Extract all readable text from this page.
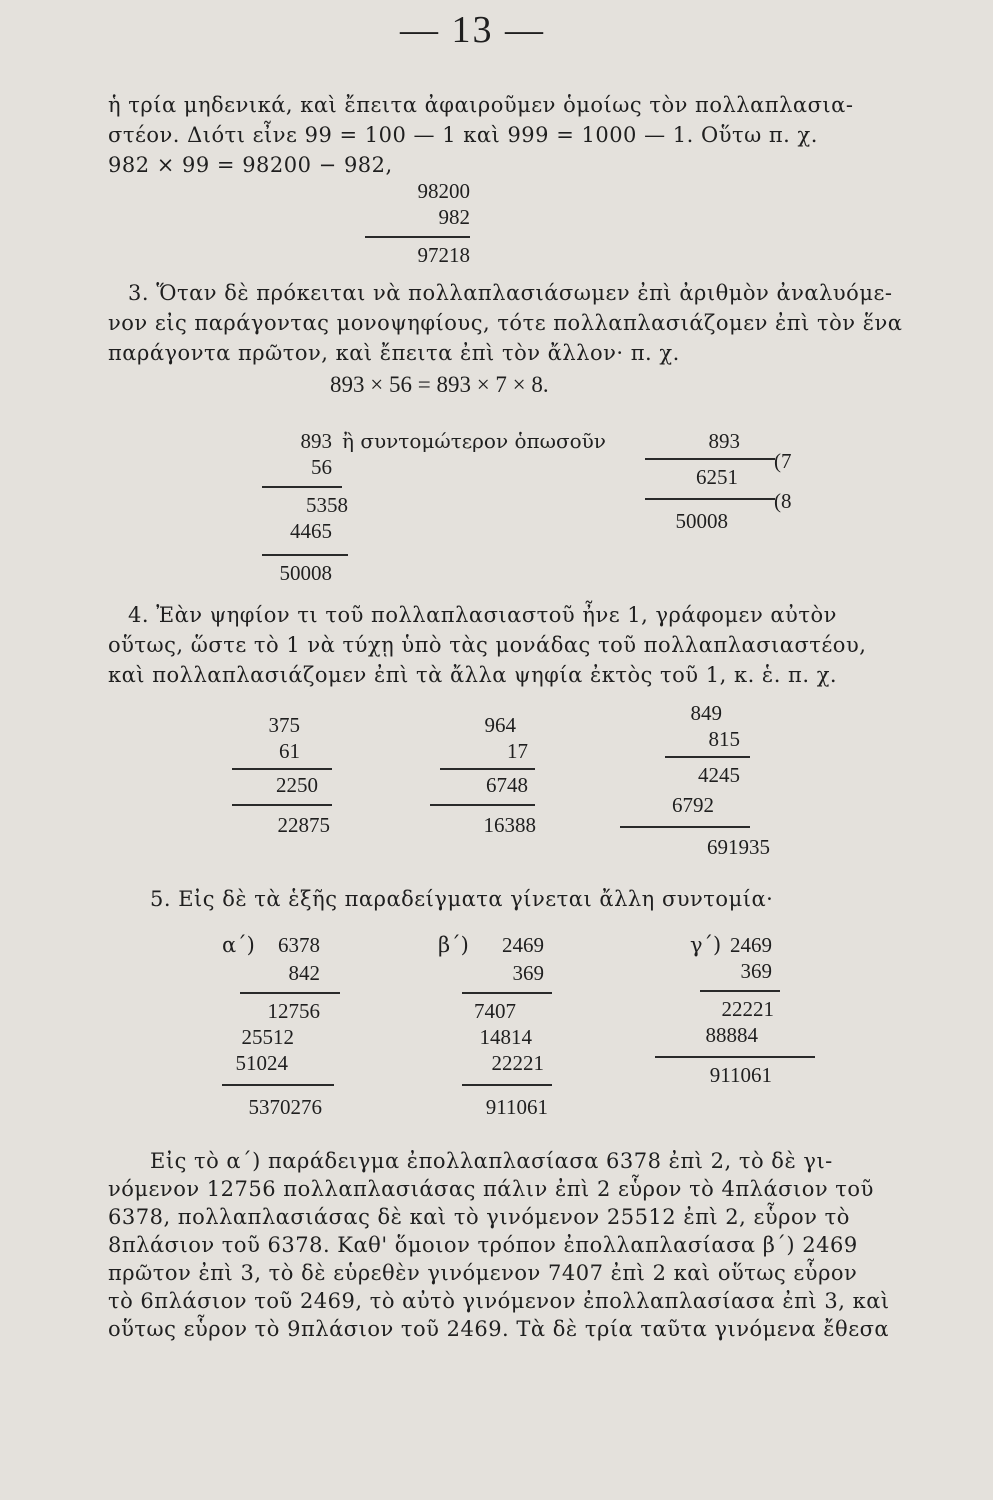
— 13 —
ἡ τρία μηδενικά, καὶ ἔπειτα ἀφαιροῦμεν ὁμοίως τὸν πολλαπλασια-
στέον. Διότι εἶνε 99 = 100 — 1 καὶ 999 = 1000 — 1. Οὕτω π. χ.
982 × 99 = 98200 − 982,
98200
982
97218
3. Ὅταν δὲ πρόκειται νὰ πολλαπλασιάσωμεν ἐπὶ ἀριθμὸν ἀναλυόμε-
νον εἰς παράγοντας μονοψηφίους, τότε πολλαπλασιάζομεν ἐπὶ τὸν ἕνα
παράγοντα πρῶτον, καὶ ἔπειτα ἐπὶ τὸν ἄλλον· π. χ.
893 × 56 = 893 × 7 × 8.
893
56
5358
4465
50008
ἢ συντομώτερον ὁπωσοῦν	893
(7
6251
(8
50008
4. Ἐὰν ψηφίον τι τοῦ πολλαπλασιαστοῦ ἦνε 1, γράφομεν αὐτὸν
οὕτως, ὥστε τὸ 1 νὰ τύχῃ ὑπὸ τὰς μονάδας τοῦ πολλαπλασιαστέου,
καὶ πολλαπλασιάζομεν ἐπὶ τὰ ἄλλα ψηφία ἐκτὸς τοῦ 1, κ. ἑ. π. χ.
375
61
2250
22875
964
17
6748
16388
849
815
4245
6792
691935
5. Εἰς δὲ τὰ ἑξῆς παραδείγματα γίνεται ἄλλη συντομία·
α΄)	β΄)	γ΄)
6378
842
12756
25512
51024
5370276
2469
369
7407
14814
22221
911061
2469
369
22221
88884
911061
Εἰς τὸ α΄) παράδειγμα ἐπολλαπλασίασα 6378 ἐπὶ 2, τὸ δὲ γι-
νόμενον 12756 πολλαπλασιάσας πάλιν ἐπὶ 2 εὗρον τὸ 4πλάσιον τοῦ
6378, πολλαπλασιάσας δὲ καὶ τὸ γινόμενον 25512 ἐπὶ 2, εὗρον τὸ
8πλάσιον τοῦ 6378. Καθ' ὅμοιον τρόπον ἐπολλαπλασίασα β΄) 2469
πρῶτον ἐπὶ 3, τὸ δὲ εὑρεθὲν γινόμενον 7407 ἐπὶ 2 καὶ οὕτως εὗρον
τὸ 6πλάσιον τοῦ 2469, τὸ αὐτὸ γινόμενον ἐπολλαπλασίασα ἐπὶ 3, καὶ
οὕτως εὗρον τὸ 9πλάσιον τοῦ 2469. Τὰ δὲ τρία ταῦτα γινόμενα ἔθεσα
